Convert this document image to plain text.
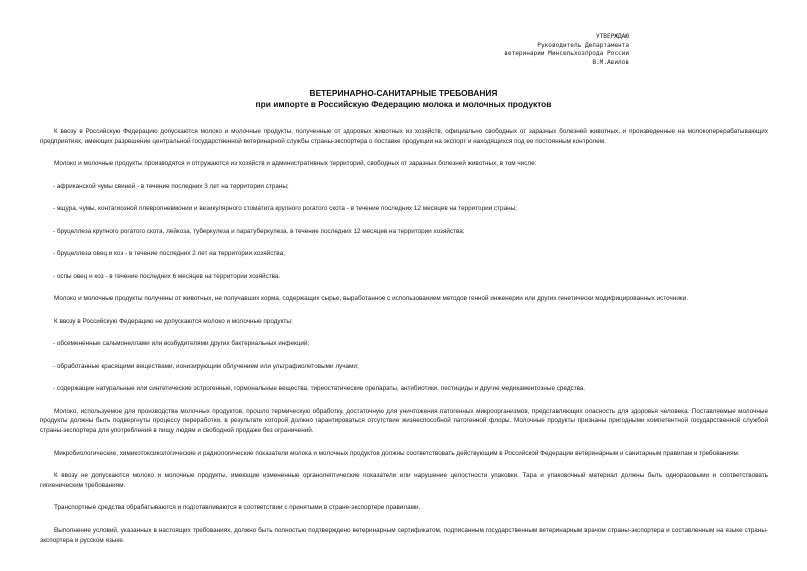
УТВЕРЖДАЮ
Руководитель Департамента
ветеринарии Минсельхозпрода России
В.М.Авилов
ВЕТЕРИНАРНО-САНИТАРНЫЕ ТРЕБОВАНИЯ
при импорте в Российскую Федерацию молока и молочных продуктов

К ввозу в Российскую Федерацию допускаются молоко и молочные продукты, полученные от здоровых животных из хозяйств, официально свободных от заразных болезней животных, и произведенные на молокоперерабатывающих предприятиях, имеющих разрешение центральной государственной ветеринарной службы страны-экспортера о поставке продукции на экспорт и находящихся под ее постоянным контролем.

Молоко и молочные продукты производятся и отгружаются из хозяйств и административных территорий, свободных от заразных болезней животных, в том числе:

- африканской чумы свиней - в течение последних 3 лет на территории страны;

- ящура, чумы, контагиозной плевропневмонии и везикулярного стоматита крупного рогатого скота - в течение последних 12 месяцев на территории страны;

- бруцеллеза крупного рогатого скота, лейкоза, туберкулеза и паратуберкулеза, в течение последних 12 месяцев на территории хозяйства;

- бруцеллеза овец и коз - в течение последних 2 лет на территории хозяйства;

- оспы овец и коз - в течение последних 6 месяцев на территории хозяйства.

Молоко и молочные продукты получены от животных, не получавших корма, содержащих сырье, выработанное с использованием методов генной инженерии или других генетически модифицированных источники.

К ввозу в Российскую Федерацию не допускаются молоко и молочные продукты:

- обсемененные сальмонеллами или возбудителями других бактериальных инфекций;

- обработанные красящими веществами, ионизирующим облучением или ультрафиолетовыми лучами;

- содержащие натуральные или синтетические эстрогенные, гормональные вещества, тиреостатические препараты, антибиотики, пестициды и другие медикаментозные средства.

Молоко, используемое для производства молочных продуктов, прошло термическую обработку, достаточную для уничтожения патогенных микроорганизмов, представляющих опасность для здоровья человека. Поставляемые молочные продукты должны быть подвергнуты процессу переработки, в результате которой должно гарантироваться отсутствие жизнеспособной патогенной флоры. Молочные продукты признаны пригодными компетентной государственной службой страны-экспортера для употребления в пищу людям и свободной продаже без ограничений.

Микробиологические, химикотоксикологические и радиологические показатели молока и молочных продуктов должны соответствовать действующим в Российской Федерации ветеринарным и санитарным правилам и требованиям.

К ввозу не допускаются молоко и молочные продукты, имеющие измененные органолептические показатели или нарушение целостности упаковки. Тара и упаковочный материал должны быть одноразовыми и соответствовать гигиеническим требованиям.

Транспортные средства обрабатываются и подготавливаются в соответствии с принятыми в стране-экспортере правилами.

Выполнение условий, указанных в настоящих требованиях, должно быть полностью подтверждено ветеринарным сертификатом, подписанным государственным ветеринарным врачом страны-экспортера и составленным на языке страны-экспортера и русском языке.
